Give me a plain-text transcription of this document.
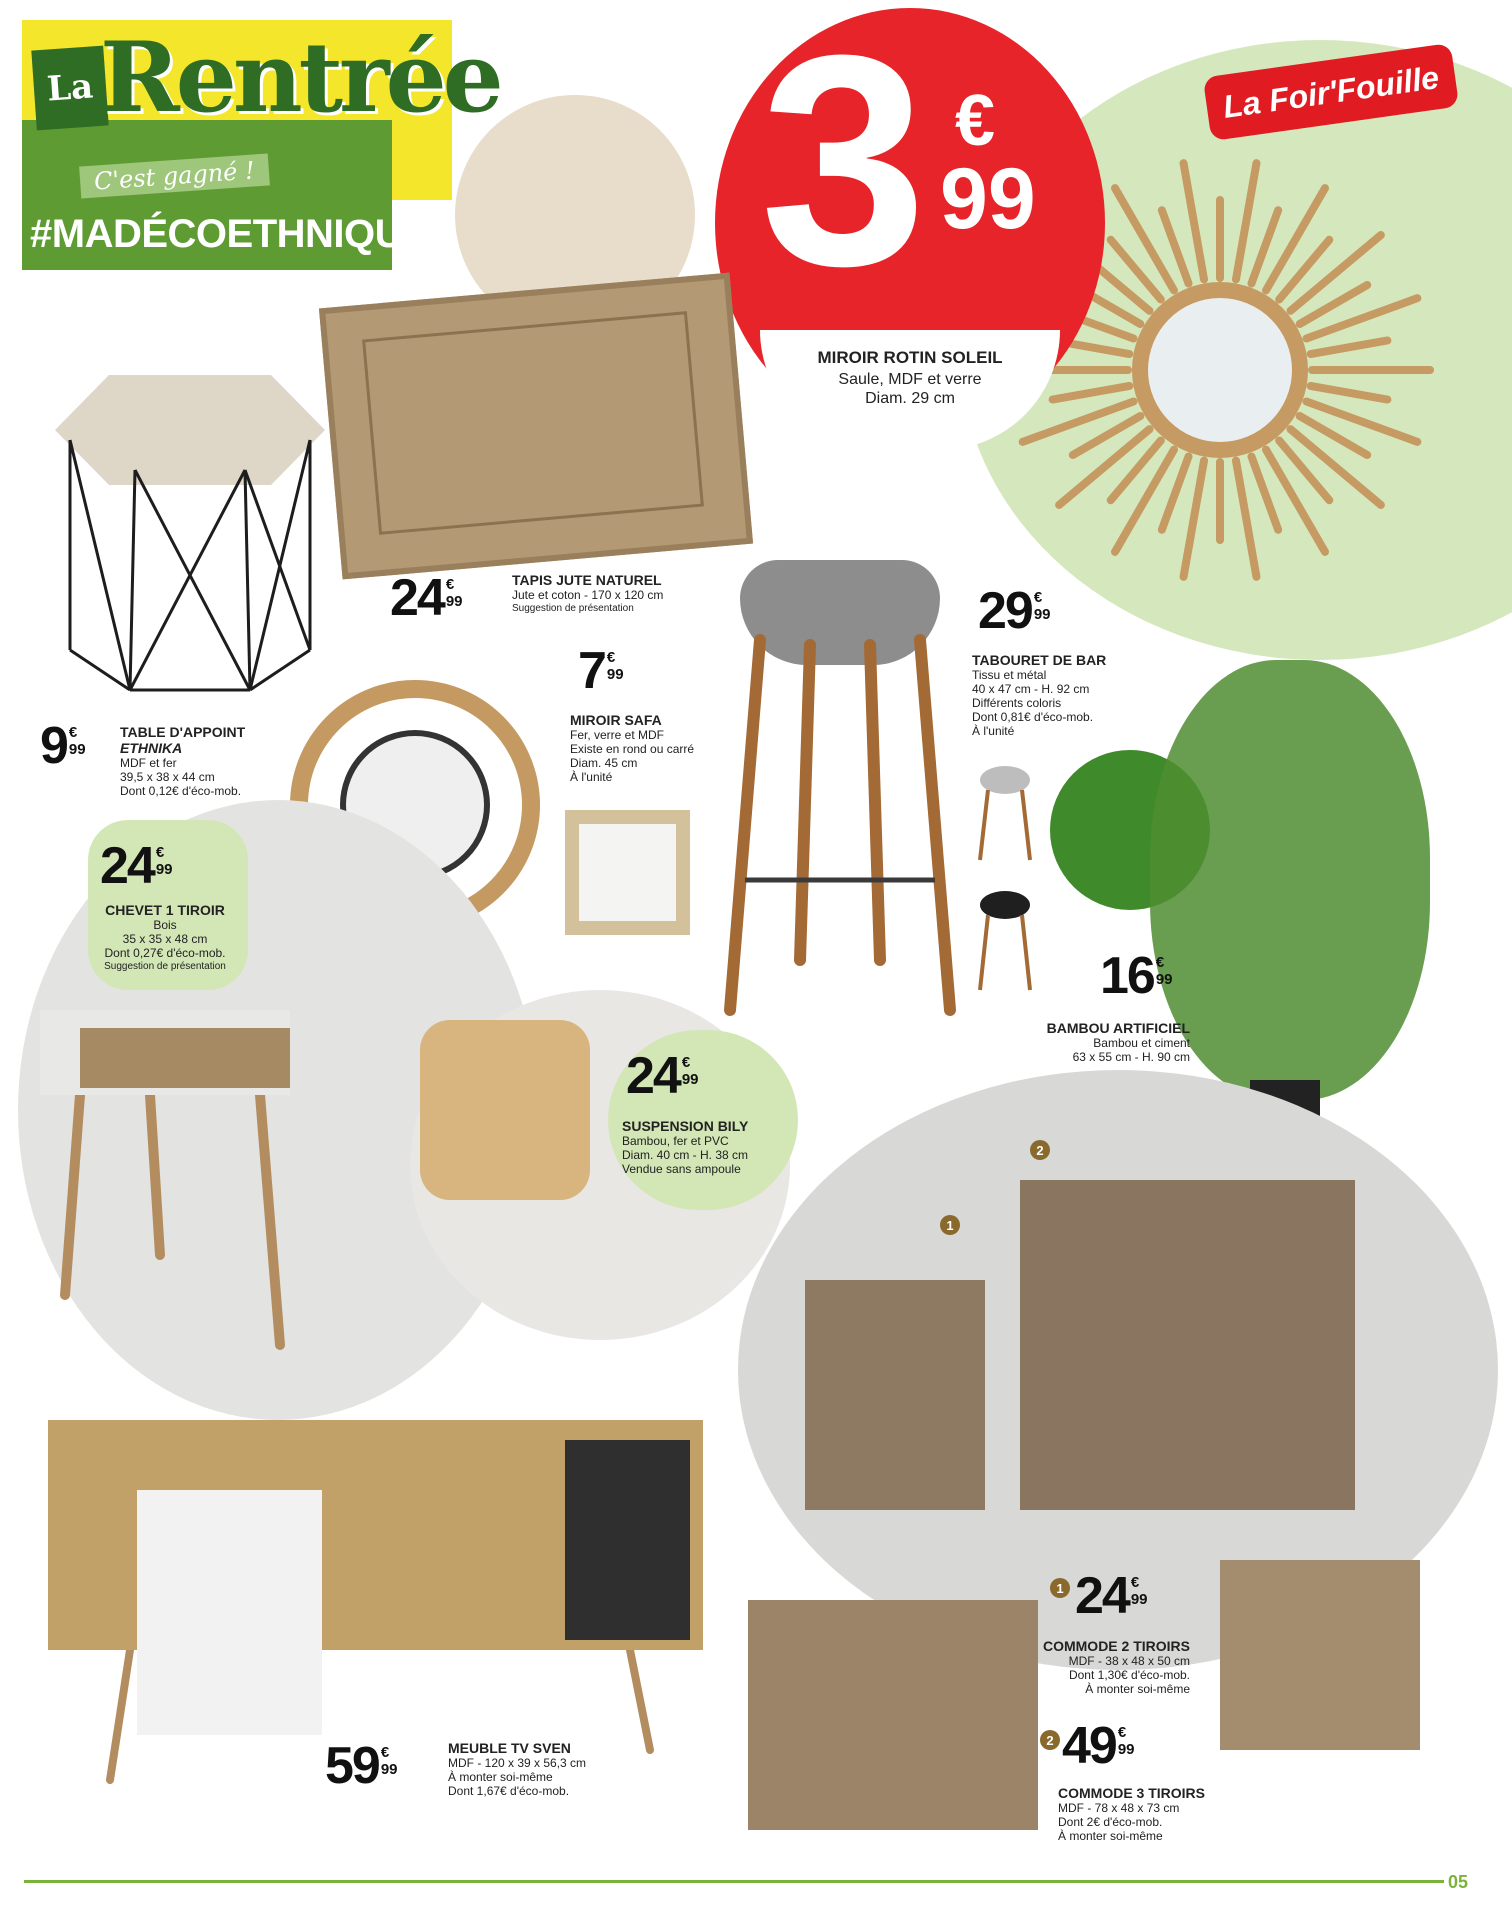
La Rentrée
C'est gagné !
#MADÉCOETHNIQUE
La Foir'Fouille
3 €
99
MIROIR ROTIN SOLEIL
Saule, MDF et verre
Diam. 29 cm
1
2
24 €
99
TAPIS JUTE NATUREL
Jute et coton - 170 x 120 cm
Suggestion de présentation
9 €
99
TABLE D'APPOINT
ETHNIKA
MDF et fer
39,5 x 38 x 44 cm
Dont 0,12€ d'éco-mob.
7 €
99
MIROIR SAFA
Fer, verre et MDF
Existe en rond ou carré
Diam. 45 cm
À l'unité
29 €
99
TABOURET DE BAR
Tissu et métal
40 x 47 cm - H. 92 cm
Différents coloris
Dont 0,81€ d'éco-mob.
À l'unité
24 €
99
CHEVET 1 TIROIR
Bois
35 x 35 x 48 cm
Dont 0,27€ d'éco-mob.
Suggestion de présentation	16 €
99
BAMBOU ARTIFICIEL
Bambou et ciment
63 x 55 cm - H. 90 cm
24 €
99
SUSPENSION BILY
Bambou, fer et PVC
Diam. 40 cm - H. 38 cm
Vendue sans ampoule
1 24 €
99
COMMODE 2 TIROIRS
MDF - 38 x 48 x 50 cm
Dont 1,30€ d'éco-mob.
À monter soi-même
2 49 €
99
COMMODE 3 TIROIRS
MDF - 78 x 48 x 73 cm
Dont 2€ d'éco-mob.
À monter soi-même
59 €
99
MEUBLE TV SVEN
MDF - 120 x 39 x 56,3 cm
À monter soi-même
Dont 1,67€ d'éco-mob.
05
